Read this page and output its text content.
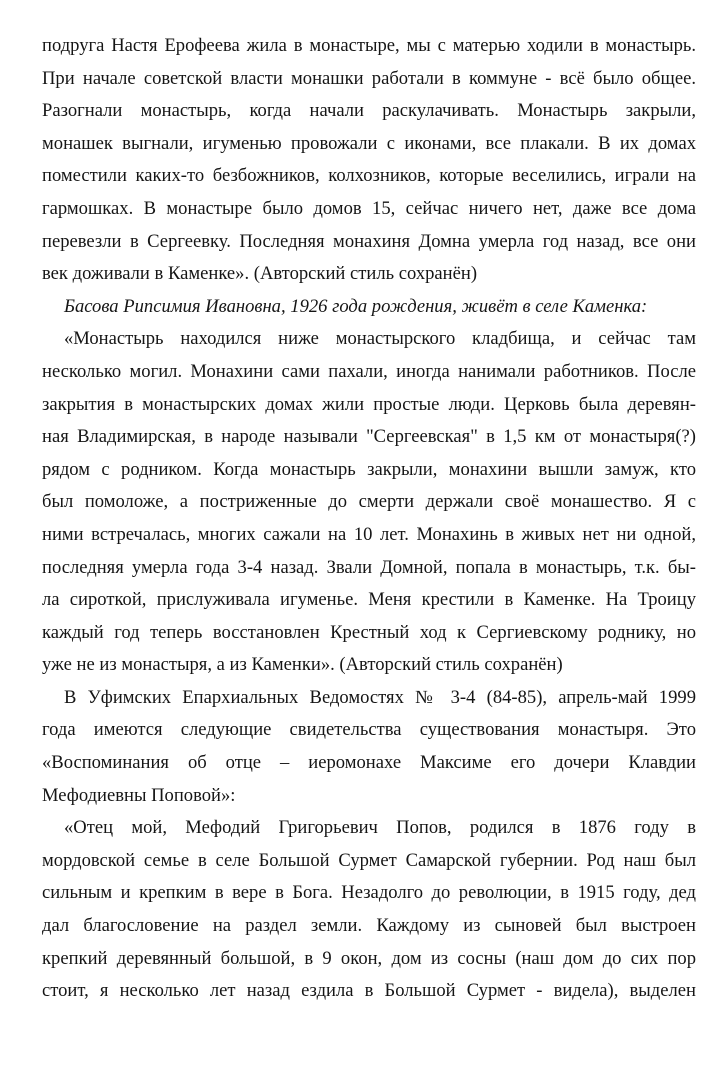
подруга Настя Ерофеева жила в монастыре, мы с матерью ходили в монастырь.
При начале советской власти монашки работали в коммуне - всё было общее.
Разогнали монастырь, когда начали раскулачивать. Монастырь закрыли,
монашек выгнали, игуменью провожали с иконами, все плакали. В их домах
поместили каких-то безбожников, колхозников, которые веселились, играли на
гармошках. В монастыре было домов 15, сейчас ничего нет, даже все дома
перевезли в Сергеевку. Последняя монахиня Домна умерла год назад, все они
век доживали в Каменке». (Авторский стиль сохранён)
Басова Рипсимия Ивановна, 1926 года рождения, живёт в селе Каменка:
«Монастырь находился ниже монастырского кладбища, и сейчас там
несколько могил. Монахини сами пахали, иногда нанимали работников. После
закрытия в монастырских домах жили простые люди. Церковь была деревян-
ная Владимирская, в народе называли "Сергеевская" в 1,5 км от монастыря(?)
рядом с родником. Когда монастырь закрыли, монахини вышли замуж, кто
был помоложе, а постриженные до смерти держали своё монашество. Я с
ними встречалась, многих сажали на 10 лет. Монахинь в живых нет ни одной,
последняя умерла года 3-4 назад. Звали Домной, попала в монастырь, т.к. бы-
ла сироткой, прислуживала игуменье. Меня крестили в Каменке. На Троицу
каждый год теперь восстановлен Крестный ход к Сергиевскому роднику, но
уже не из монастыря, а из Каменки». (Авторский стиль сохранён)
В Уфимских Епархиальных Ведомостях № 3-4 (84-85), апрель-май 1999
года имеются следующие свидетельства существования монастыря. Это
«Воспоминания об отце – иеромонахе Максиме его дочери Клавдии
Мефодиевны Поповой»:
«Отец мой, Мефодий Григорьевич Попов, родился в 1876 году в
мордовской семье в селе Большой Сурмет Самарской губернии. Род наш был
сильным и крепким в вере в Бога. Незадолго до революции, в 1915 году, дед
дал благословение на раздел земли. Каждому из сыновей был выстроен
крепкий деревянный большой, в 9 окон, дом из сосны (наш дом до сих пор
стоит, я несколько лет назад ездила в Большой Сурмет - видела), выделен
